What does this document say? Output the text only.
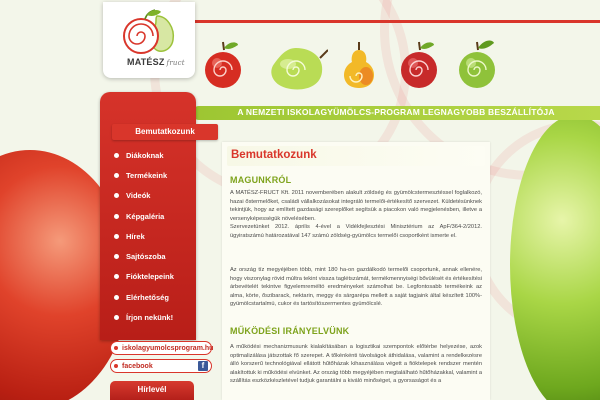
MATÉSZ fruct
A NEMZETI ISKOLAGYÜMÖLCS-PROGRAM LEGNAGYOBB BESZÁLLÍTÓJA
Bemutatkozunk
Diákoknak
Termékeink
Videók
Képgaléria
Hírek
Sajtószoba
Fióktelepeink
Elérhetőség
Írjon nekünk!
iskolagyumolcsprogram.hu
facebook	f
Hírlevél
Bemutatkozunk
MAGUNKRÓL
A MATÉSZ-FRUCT Kft. 2011 novemberében alakult zöldség és gyümölcstermesztéssel foglalkozó, hazai őstermelőket, családi vállalkozásokat integráló termelői-értékesítő szervezet. Küldetésünknek tekintjük, hogy az említett gazdasági szereplőket segítsük a piacokon való megjelenésben, illetve a versenyképességük növelésében.
Szervezetünket 2012. április 4-ével a Vidékfejlesztési Minisztérium az ApF/364-2/2012. ügyiratszámú határozatával 147 számú zöldség-gyümölcs termelői csoportként ismerte el.
Az ország tíz megyéjében több, mint 180 ha-on gazdálkodó termelői csoportunk, annak ellenére, hogy viszonylag rövid múltra tekint vissza taglétszámát, termékmennyiségi bővülését és értékesítési árbevételét tekintve figyelemreméltó eredményeket számolhat be. Legfontosabb termékeink az alma, körte, őszibarack, nektarin, meggy és sárgarépa mellett a saját tagjaink által készített 100%-gyümölcstartalmú, cukor és tartósítószermentes gyümölcslé.
MŰKÖDÉSI IRÁNYELVÜNK
A működési mechanizmusunk kialakításában a logisztikai szempontok előtérbe helyezése, azok optimalizálása játszottak fő szerepet. A tőkénkénti távolságok áthidalása, valamint a rendelkezésre álló korszerű technológiával ellátott hűtőházak kihasználása végett a fióktelepek rendszer mentén alakítottuk ki működési elvünket. Az ország több megyéjében megtalálható hűtőházakkal, valamint a szállítás eszközkészletével tudjuk garantálni a kiváló minőséget, a gyorsaságot és a
